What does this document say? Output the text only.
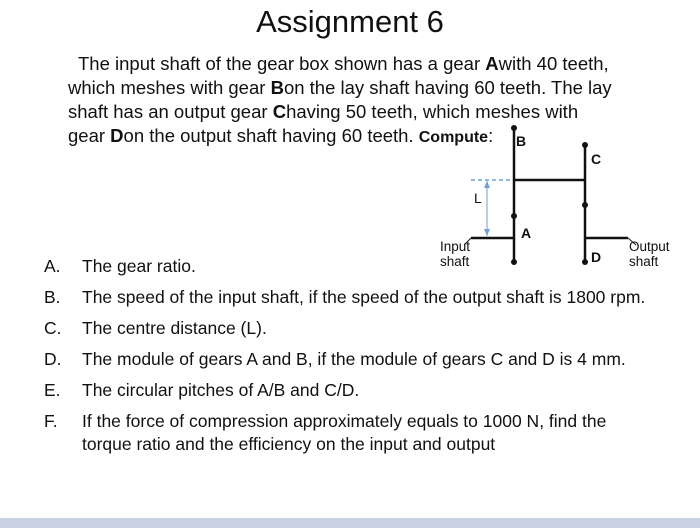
Assignment 6
The input shaft of the gear box shown has a gear Awith 40 teeth,
which meshes with gear Bon the lay shaft having 60 teeth. The lay
shaft has an output gear Chaving 50 teeth, which meshes with
gear Don the output shaft having 60 teeth. Compute:
L
A
B
C
D
Input
shaft
Output
shaft
A. The gear ratio.
B. The speed of the input shaft, if the speed of the output shaft is 1800 rpm.
C. The centre distance (L).
D. The module of gears A and B, if the module of gears C and D is 4 mm.
E. The circular pitches of A/B and C/D.
F. If the force of compression approximately equals to 1000 N, find the torque ratio and the efficiency on the input and output
